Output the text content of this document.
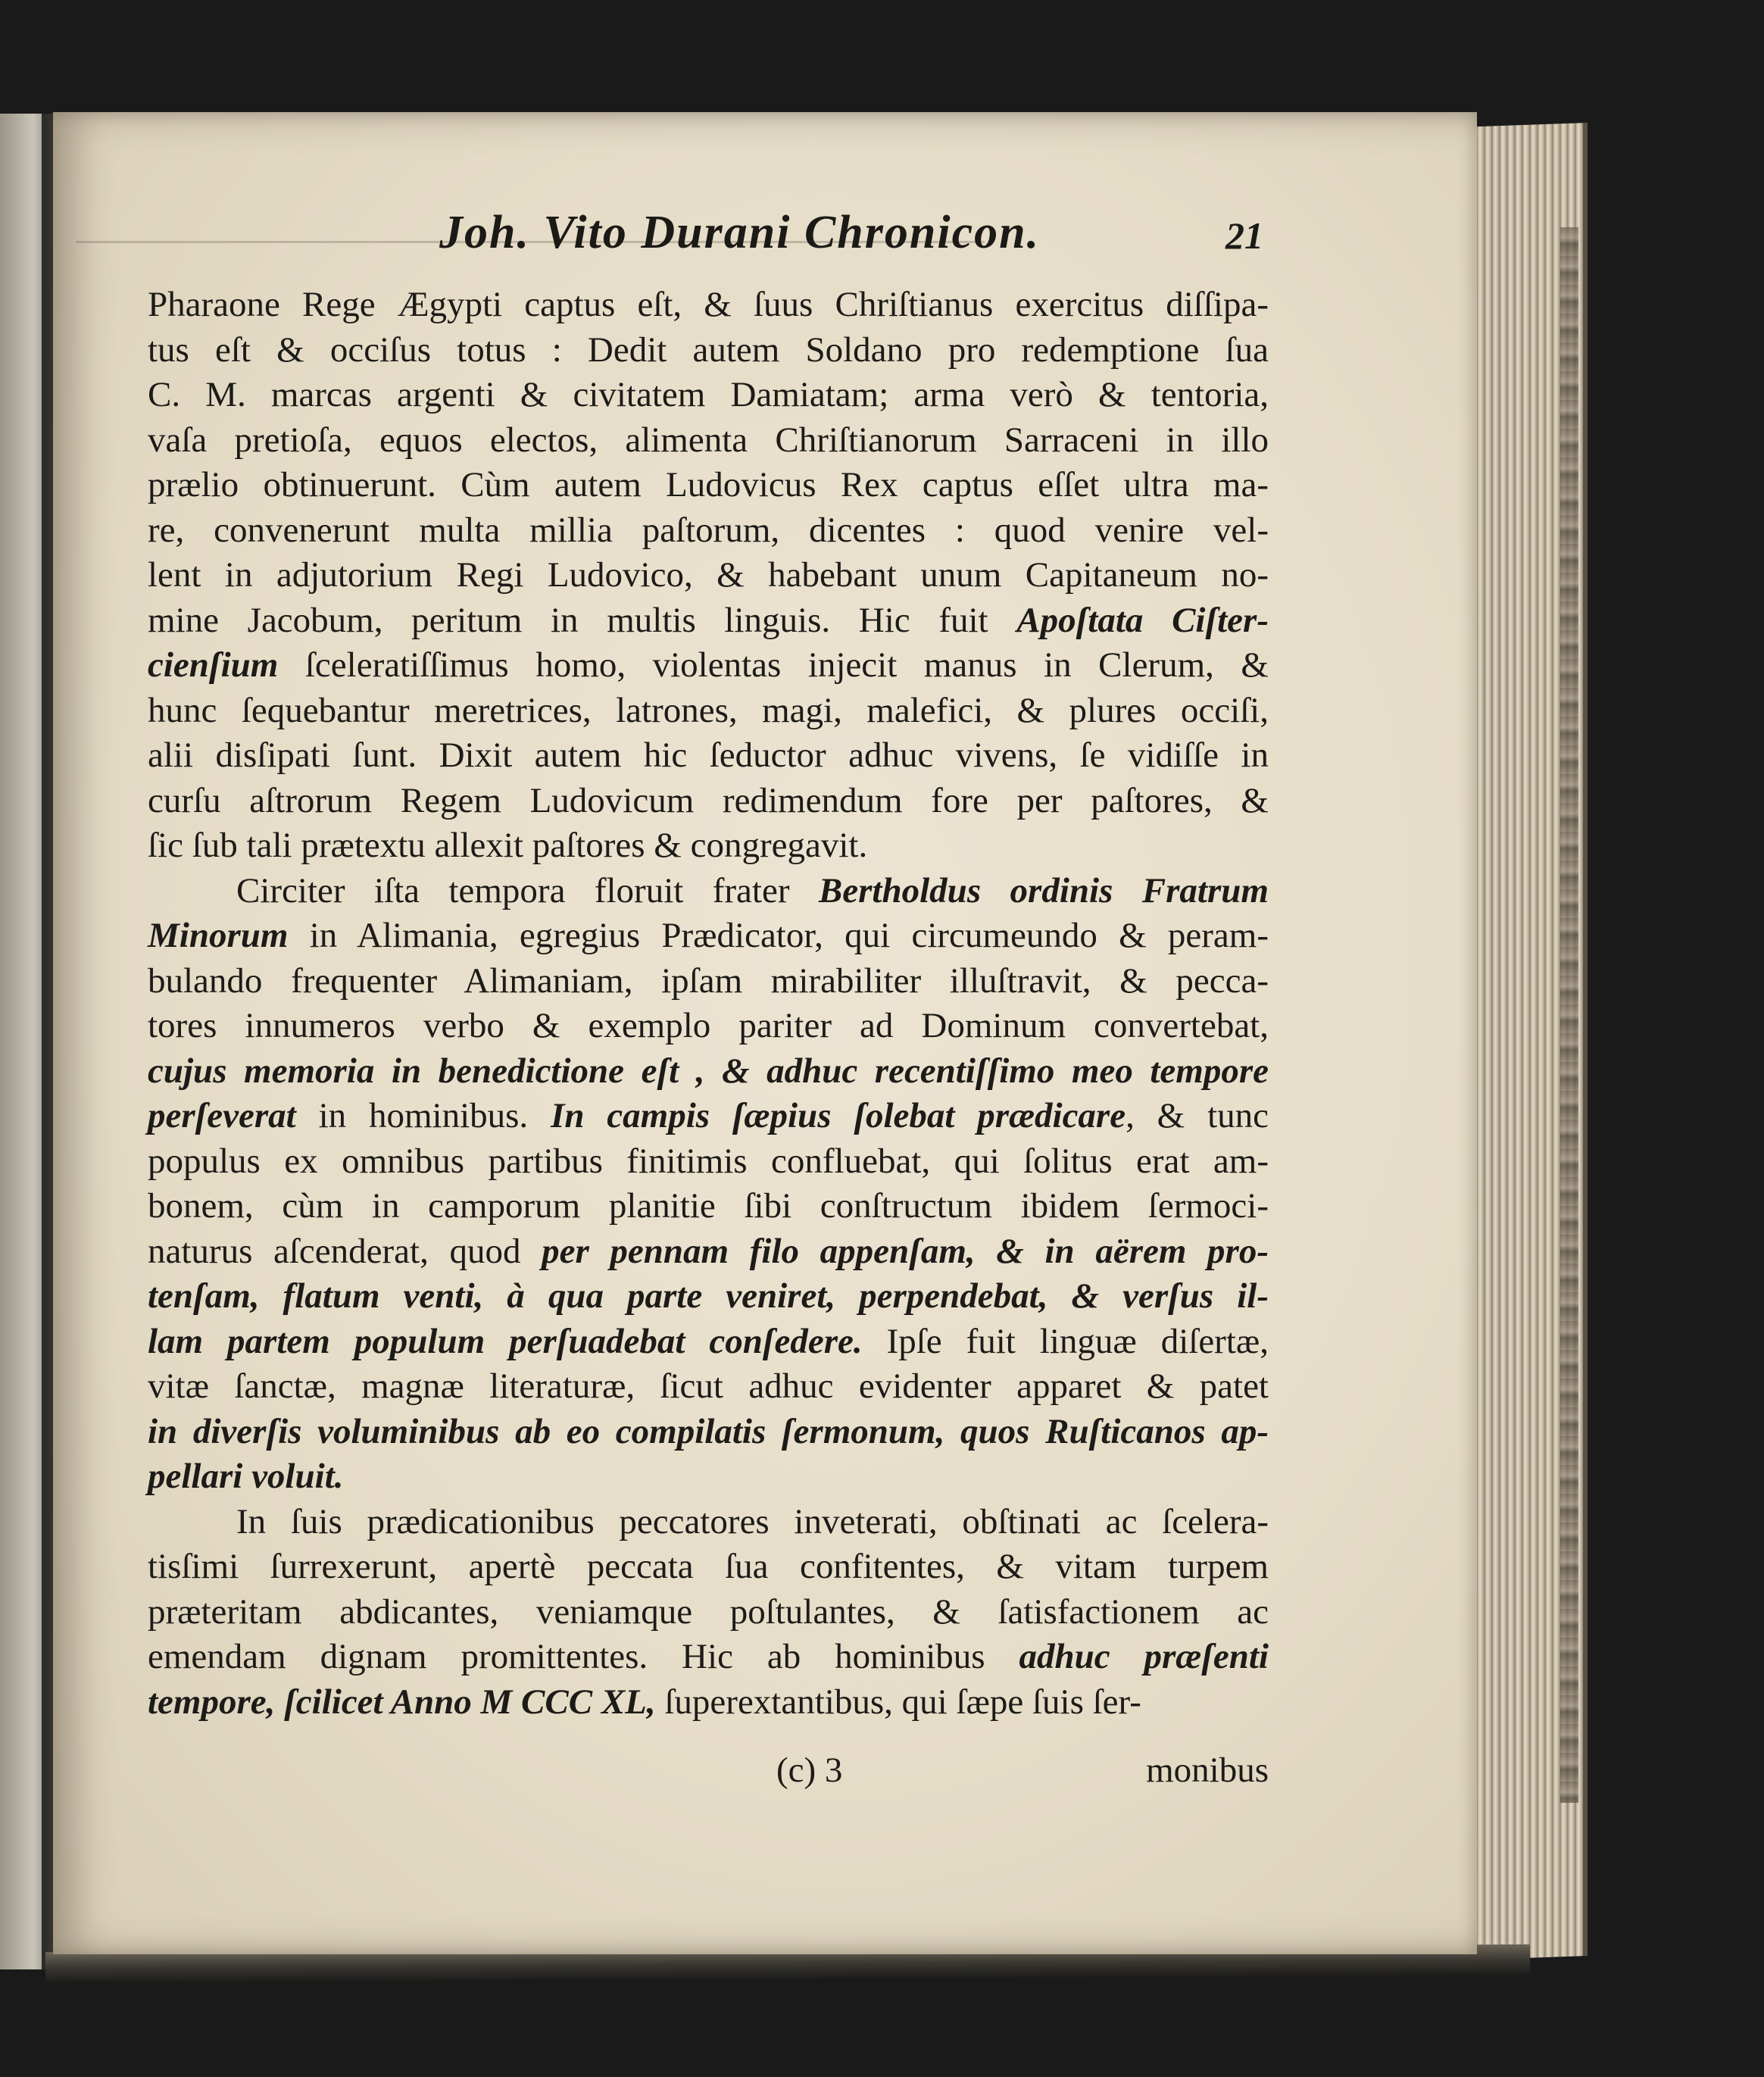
Joh. Vito Durani Chronicon.	21
Pharaone Rege Ægypti captus eſt, & ſuus Chriſtianus exercitus diſſipa-
tus eſt & occiſus totus : Dedit autem Soldano pro redemptione ſua
C. M. marcas argenti & civitatem Damiatam; arma verò & tentoria,
vaſa pretioſa, equos electos, alimenta Chriſtianorum Sarraceni in illo
prælio obtinuerunt. Cùm autem Ludovicus Rex captus eſſet ultra ma-
re, convenerunt multa millia paſtorum, dicentes : quod venire vel-
lent in adjutorium Regi Ludovico, & habebant unum Capitaneum no-
mine Jacobum, peritum in multis linguis. Hic fuit Apoſtata Ciſter-
cienſium ſceleratiſſimus homo, violentas injecit manus in Clerum, &
hunc ſequebantur meretrices, latrones, magi, malefici, & plures occiſi,
alii disſipati ſunt. Dixit autem hic ſeductor adhuc vivens, ſe vidiſſe in
curſu aſtrorum Regem Ludovicum redimendum fore per paſtores, &
ſic ſub tali prætextu allexit paſtores & congregavit.
Circiter iſta tempora floruit frater Bertholdus ordinis Fratrum
Minorum in Alimania, egregius Prædicator, qui circumeundo & peram-
bulando frequenter Alimaniam, ipſam mirabiliter illuſtravit, & pecca-
tores innumeros verbo & exemplo pariter ad Dominum convertebat,
cujus memoria in benedictione eſt , & adhuc recentiſſimo meo tempore
perſeverat in hominibus. In campis ſæpius ſolebat prædicare, & tunc
populus ex omnibus partibus finitimis confluebat, qui ſolitus erat am-
bonem, cùm in camporum planitie ſibi conſtructum ibidem ſermoci-
naturus aſcenderat, quod per pennam filo appenſam, & in aërem pro-
tenſam, flatum venti, à qua parte veniret, perpendebat, & verſus il-
lam partem populum perſuadebat conſedere. Ipſe fuit linguæ diſertæ,
vitæ ſanctæ, magnæ literaturæ, ſicut adhuc evidenter apparet & patet
in diverſis voluminibus ab eo compilatis ſermonum, quos Ruſticanos ap-
pellari voluit.
In ſuis prædicationibus peccatores inveterati, obſtinati ac ſcelera-
tisſimi ſurrexerunt, apertè peccata ſua confitentes, & vitam turpem
præteritam abdicantes, veniamque poſtulantes, & ſatisfactionem ac
emendam dignam promittentes. Hic ab hominibus adhuc præſenti
tempore, ſcilicet Anno M CCC XL, ſuperextantibus, qui ſæpe ſuis ſer-
(c) 3	monibus
